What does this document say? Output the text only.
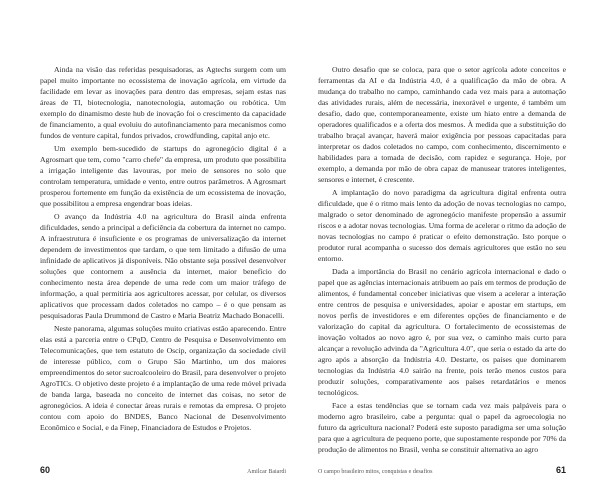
Ainda na visão das referidas pesquisadoras, as Agtechs surgem com um papel muito importante no ecossistema de inovação agrícola, em virtude da facilidade em levar as inovações para dentro das empresas, sejam estas nas áreas de TI, biotecnologia, nanotecnologia, automação ou robótica. Um exemplo do dinamismo deste hub de inovação foi o crescimento da capacidade de financiamento, a qual evoluiu do autofinanciamento para mecanismos como fundos de venture capital, fundos privados, crowdfunding, capital anjo etc.

Um exemplo bem-sucedido de startups do agronegócio digital é a Agrosmart que tem, como "carro chefe" da empresa, um produto que possibilita a irrigação inteligente das lavouras, por meio de sensores no solo que controlam temperatura, umidade e vento, entre outros parâmetros. A Agrosmart prosperou fortemente em função da existência de um ecossistema de inovação, que possibilitou a empresa engendrar boas ideias.

O avanço da Indústria 4.0 na agricultura do Brasil ainda enfrenta dificuldades, sendo a principal a deficiência da cobertura da internet no campo. A infraestrutura é insuficiente e os programas de universalização da internet dependem de investimentos que tardam, o que tem limitado a difusão de uma infinidade de aplicativos já disponíveis. Não obstante seja possível desenvolver soluções que contornem a ausência da internet, maior benefício do conhecimento nesta área depende de uma rede com um maior tráfego de informação, a qual permitiria aos agricultores acessar, por celular, os diversos aplicativos que processam dados coletados no campo – é o que pensam as pesquisadoras Paula Drummond de Castro e Maria Beatriz Machado Bonacelli.

Neste panorama, algumas soluções muito criativas estão aparecendo. Entre elas está a parceria entre o CPqD, Centro de Pesquisa e Desenvolvimento em Telecomunicações, que tem estatuto de Oscip, organização da sociedade civil de interesse público, com o Grupo São Martinho, um dos maiores empreendimentos do setor sucroalcooleiro do Brasil, para desenvolver o projeto AgroTICs. O objetivo deste projeto é a implantação de uma rede móvel privada de banda larga, baseada no conceito de internet das coisas, no setor de agronegócios. A ideia é conectar áreas rurais e remotas da empresa. O projeto contou com apoio do BNDES, Banco Nacional de Desenvolvimento Econômico e Social, e da Finep, Financiadora de Estudos e Projetos.

60	Amilcar Baiardi

Outro desafio que se coloca, para que o setor agrícola adote conceitos e ferramentas da AI e da Indústria 4.0, é a qualificação da mão de obra. A mudança do trabalho no campo, caminhando cada vez mais para a automação das atividades rurais, além de necessária, inexorável e urgente, é também um desafio, dado que, contemporaneamente, existe um hiato entre a demanda de operadores qualificados e a oferta dos mesmos. À medida que a substituição do trabalho braçal avançar, haverá maior exigência por pessoas capacitadas para interpretar os dados coletados no campo, com conhecimento, discernimento e habilidades para a tomada de decisão, com rapidez e segurança. Hoje, por exemplo, a demanda por mão de obra capaz de manusear tratores inteligentes, sensores e internet, é crescente.

A implantação do novo paradigma da agricultura digital enfrenta outra dificuldade, que é o ritmo mais lento da adoção de novas tecnologias no campo, malgrado o setor denominado de agronegócio manifeste propensão a assumir riscos e a adotar novas tecnologias. Uma forma de acelerar o ritmo da adoção de novas tecnologias no campo é praticar o efeito demonstração. Isto porque o produtor rural acompanha o sucesso dos demais agricultores que estão no seu entorno.

Dada a importância do Brasil no cenário agrícola internacional e dado o papel que as agências internacionais atribuem ao país em termos de produção de alimentos, é fundamental conceber iniciativas que visem a acelerar a interação entre centros de pesquisa e universidades, apoiar e apostar em startups, em novos perfis de investidores e em diferentes opções de financiamento e de valorização do capital da agricultura. O fortalecimento de ecossistemas de inovação voltados ao novo agro é, por sua vez, o caminho mais curto para alcançar a revolução advinda da "Agricultura 4.0", que seria o estado da arte do agro após a absorção da Indústria 4.0. Destarte, os países que dominarem tecnologias da Indústria 4.0 sairão na frente, pois terão menos custos para produzir soluções, comparativamente aos países retardatários e menos tecnológicos.

Face a estas tendências que se tornam cada vez mais palpáveis para o moderno agro brasileiro, cabe a pergunta: qual o papel da agroecologia no futuro da agricultura nacional? Poderá este suposto paradigma ser uma solução para que a agricultura de pequeno porte, que supostamente responde por 70% da produção de alimentos no Brasil, venha se constituir alternativa ao agro

O campo brasileiro mitos, conquistas e desafios	61
